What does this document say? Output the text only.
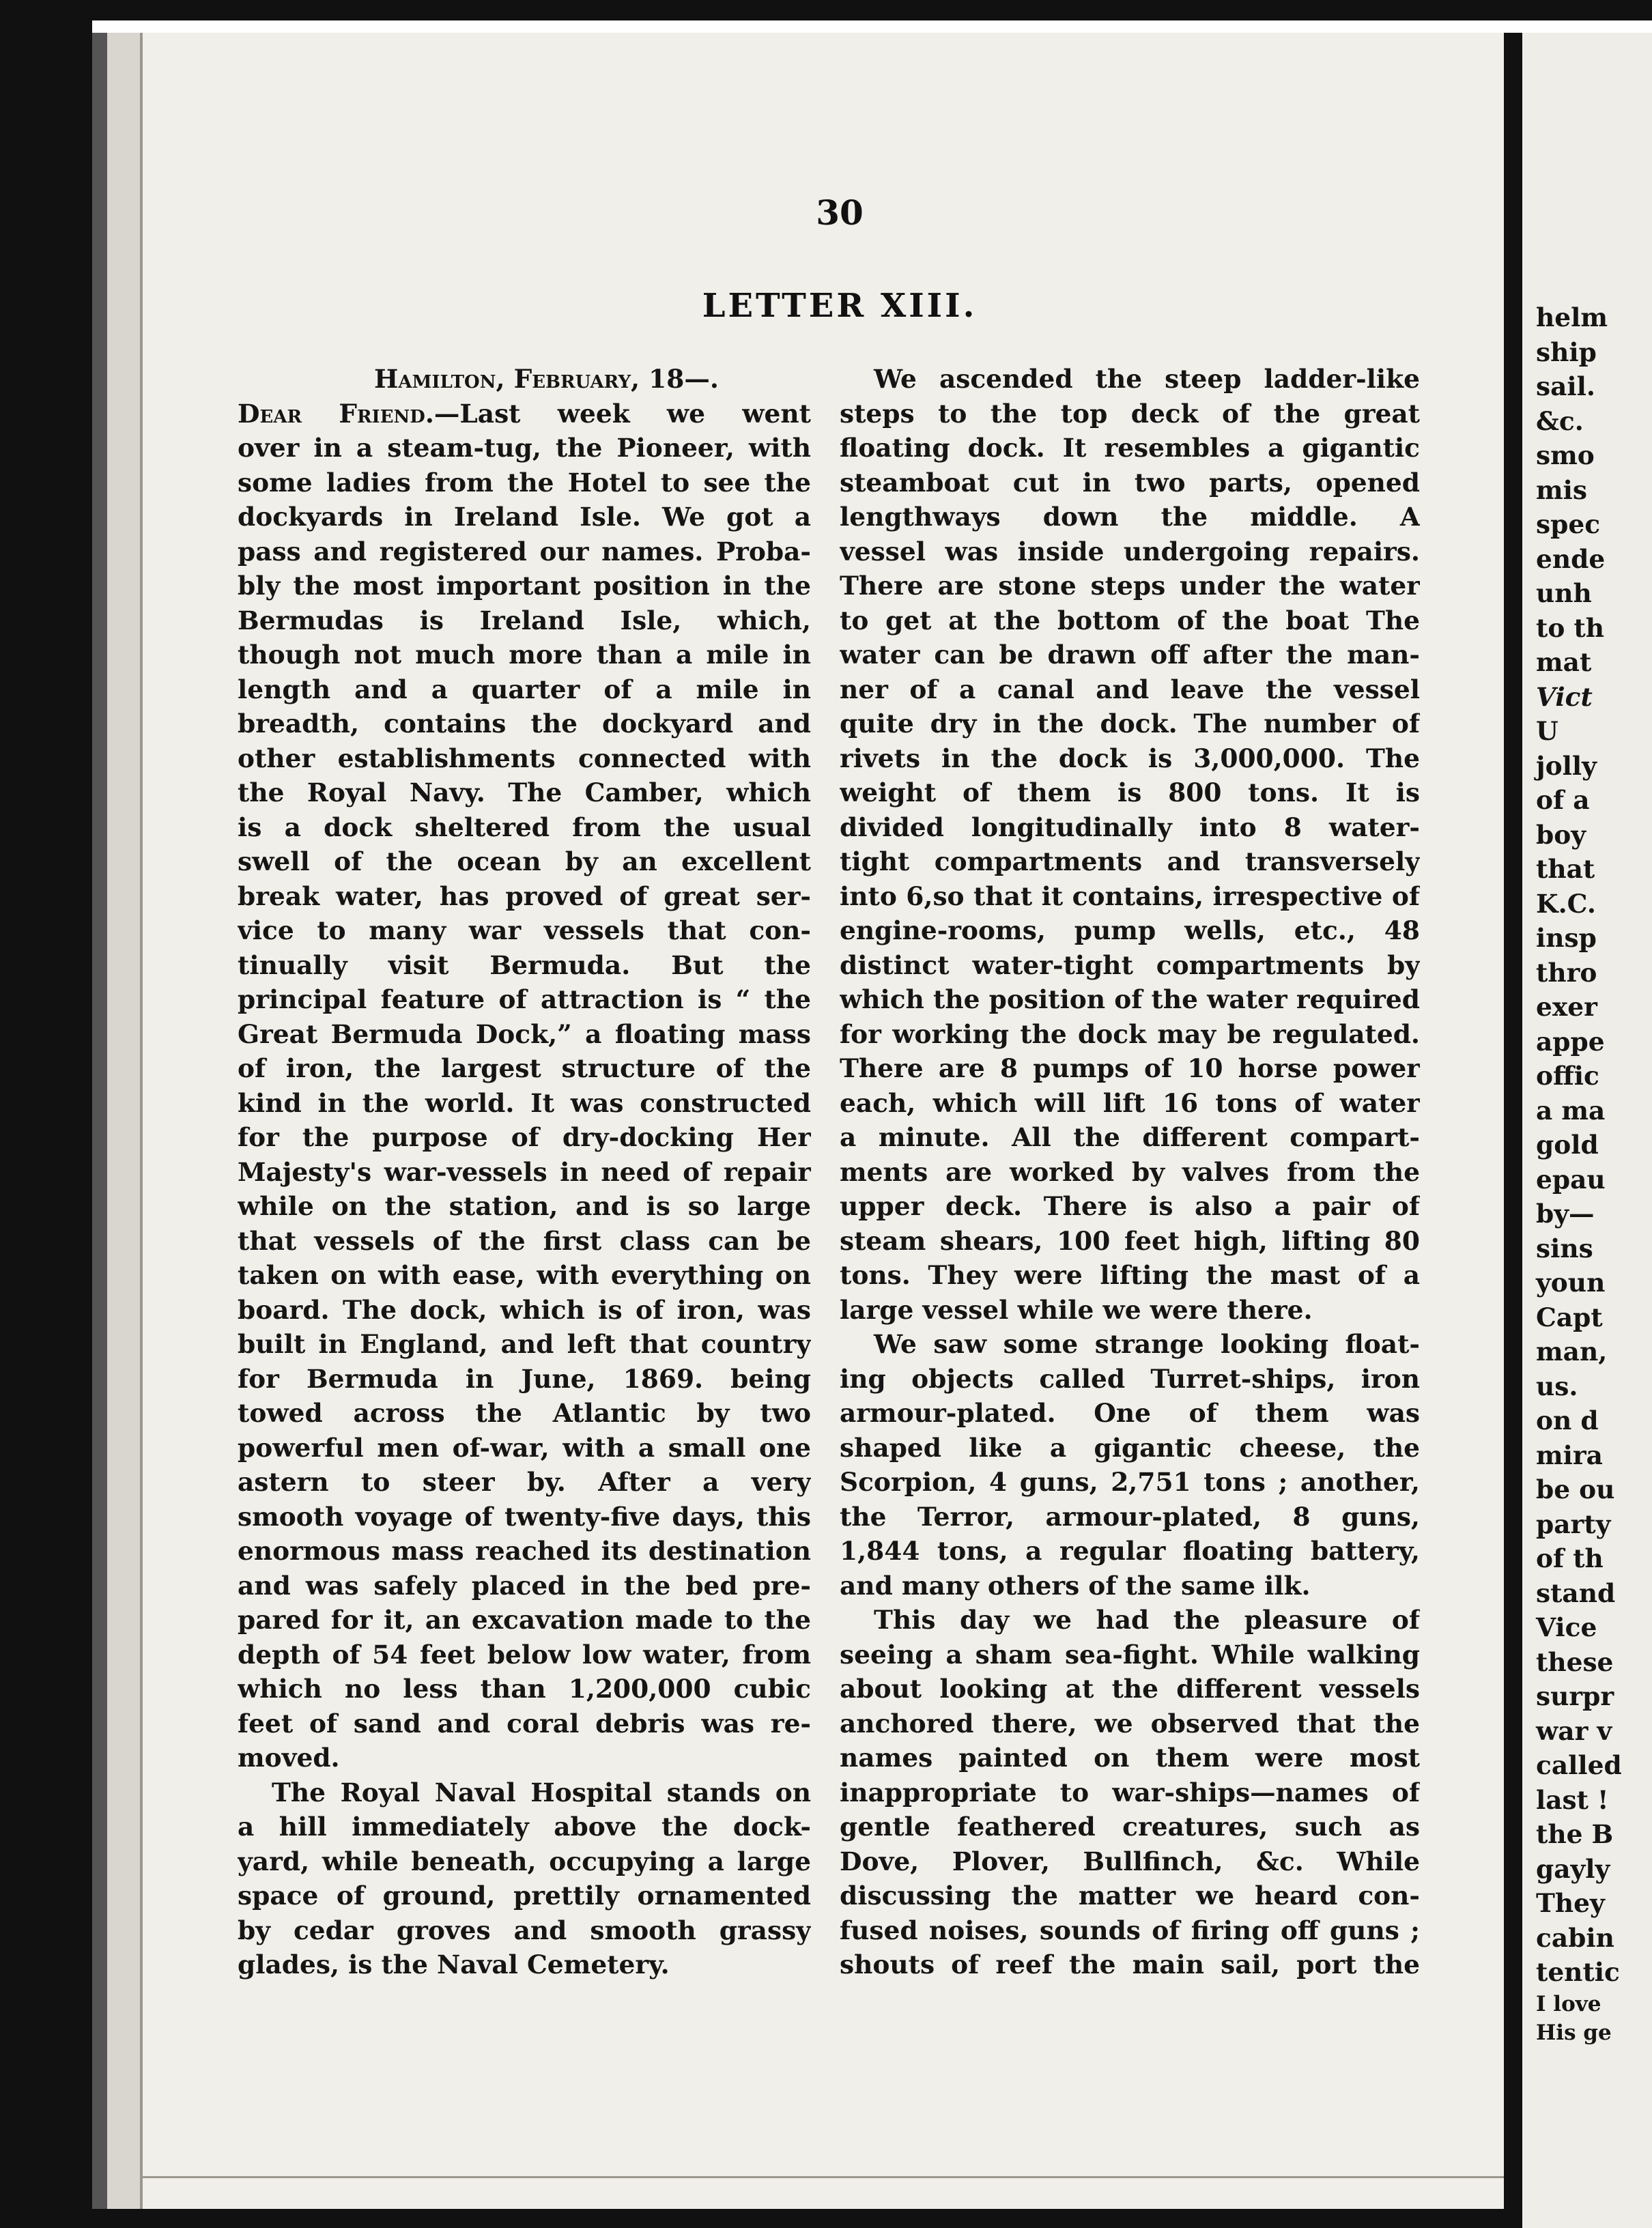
30
LETTER XIII.
Hamilton, February, 18—.
Dear Friend.—Last week we went
over in a steam-tug, the Pioneer, with
some ladies from the Hotel to see the
dockyards in Ireland Isle. We got a
pass and registered our names. Proba-
bly the most important position in the
Bermudas is Ireland Isle, which,
though not much more than a mile in
length and a quarter of a mile in
breadth, contains the dockyard and
other establishments connected with
the Royal Navy. The Camber, which
is a dock sheltered from the usual
swell of the ocean by an excellent
break water, has proved of great ser-
vice to many war vessels that con-
tinually visit Bermuda. But the
principal feature of attraction is “ the
Great Bermuda Dock,” a floating mass
of iron, the largest structure of the
kind in the world. It was constructed
for the purpose of dry-docking Her
Majesty's war-vessels in need of repair
while on the station, and is so large
that vessels of the first class can be
taken on with ease, with everything on
board. The dock, which is of iron, was
built in England, and left that country
for Bermuda in June, 1869. being
towed across the Atlantic by two
powerful men of-war, with a small one
astern to steer by. After a very
smooth voyage of twenty-five days, this
enormous mass reached its destination
and was safely placed in the bed pre-
pared for it, an excavation made to the
depth of 54 feet below low water, from
which no less than 1,200,000 cubic
feet of sand and coral debris was re-
moved.
The Royal Naval Hospital stands on
a hill immediately above the dock-
yard, while beneath, occupying a large
space of ground, prettily ornamented
by cedar groves and smooth grassy
glades, is the Naval Cemetery.
We ascended the steep ladder-like
steps to the top deck of the great
floating dock. It resembles a gigantic
steamboat cut in two parts, opened
lengthways down the middle. A
vessel was inside undergoing repairs.
There are stone steps under the water
to get at the bottom of the boat The
water can be drawn off after the man-
ner of a canal and leave the vessel
quite dry in the dock. The number of
rivets in the dock is 3,000,000. The
weight of them is 800 tons. It is
divided longitudinally into 8 water-
tight compartments and transversely
into 6,so that it contains, irrespective of
engine-rooms, pump wells, etc., 48
distinct water-tight compartments by
which the position of the water required
for working the dock may be regulated.
There are 8 pumps of 10 horse power
each, which will lift 16 tons of water
a minute. All the different compart-
ments are worked by valves from the
upper deck. There is also a pair of
steam shears, 100 feet high, lifting 80
tons. They were lifting the mast of a
large vessel while we were there.
We saw some strange looking float-
ing objects called Turret-ships, iron
armour-plated. One of them was
shaped like a gigantic cheese, the
Scorpion, 4 guns, 2,751 tons ; another,
the Terror, armour-plated, 8 guns,
1,844 tons, a regular floating battery,
and many others of the same ilk.
This day we had the pleasure of
seeing a sham sea-fight. While walking
about looking at the different vessels
anchored there, we observed that the
names painted on them were most
inappropriate to war-ships—names of
gentle feathered creatures, such as
Dove, Plover, Bullfinch, &c. While
discussing the matter we heard con-
fused noises, sounds of firing off guns ;
shouts of reef the main sail, port the
helm
ship
sail.
&c.
smo
mis
spec
ende
unh
to th
mat
Vict
U
jolly
of a
boy
that
K.C.
insp
thro
exer
appe
offic
a ma
gold
epau
by—
sins
youn
Capt
man,
us.
on d
mira
be ou
party
of th
stand
Vice
these
surpr
war v
called
last !
the B
gayly
They
cabin
tentic
I love
His ge
